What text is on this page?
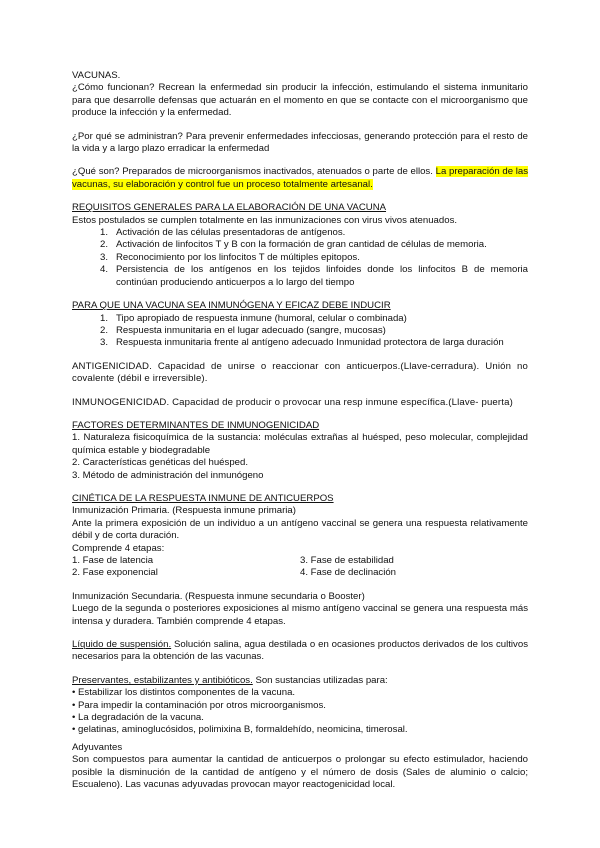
VACUNAS.

¿Cómo funcionan? Recrean la enfermedad sin producir la infección, estimulando el sistema inmunitario para que desarrolle defensas que actuarán en el momento en que se contacte con el microorganismo que produce la infección y la enfermedad.

¿Por qué se administran? Para prevenir enfermedades infecciosas, generando protección para el resto de la vida y a largo plazo erradicar la enfermedad

¿Qué son? Preparados de microorganismos inactivados, atenuados o parte de ellos. La preparación de las vacunas, su elaboración y control fue un proceso totalmente artesanal.

REQUISITOS GENERALES PARA LA ELABORACIÓN DE UNA VACUNA

Estos postulados se cumplen totalmente en las inmunizaciones con virus vivos atenuados.

1. Activación de las células presentadoras de antígenos.
2. Activación de linfocitos T y B con la formación de gran cantidad de células de memoria.
3. Reconocimiento por los linfocitos T de múltiples epitopos.
4. Persistencia de los antígenos en los tejidos linfoides donde los linfocitos B de memoria continúan produciendo anticuerpos a lo largo del tiempo

PARA QUE UNA VACUNA SEA INMUNÓGENA Y EFICAZ DEBE INDUCIR

1. Tipo apropiado de respuesta inmune (humoral, celular o combinada)
2. Respuesta inmunitaria en el lugar adecuado (sangre, mucosas)
3. Respuesta inmunitaria frente al antígeno adecuado Inmunidad protectora de larga duración

ANTIGENICIDAD. Capacidad de unirse o reaccionar con anticuerpos.(Llave-cerradura). Unión no covalente (débil e irreversible).

INMUNOGENICIDAD. Capacidad de producir o provocar una resp inmune específica.(Llave- puerta)

FACTORES DETERMINANTES DE INMUNOGENICIDAD

1. Naturaleza fisicoquímica de la sustancia: moléculas extrañas al huésped, peso molecular, complejidad química estable y biodegradable

2. Características genéticas del huésped.

3. Método de administración del inmunógeno

CINÉTICA DE LA RESPUESTA INMUNE DE ANTICUERPOS

Inmunización Primaria. (Respuesta inmune primaria)

Ante la primera exposición de un individuo a un antígeno vaccinal se genera una respuesta relativamente débil y de corta duración.

Comprende 4 etapas:

1. Fase de latencia	3. Fase de estabilidad
2. Fase exponencial	4. Fase de declinación

Inmunización Secundaria. (Respuesta inmune secundaria o Booster)

Luego de la segunda o posteriores exposiciones al mismo antígeno vaccinal se genera una respuesta más intensa y duradera. También comprende 4 etapas.

Líquido de suspensión. Solución salina, agua destilada o en ocasiones productos derivados de los cultivos necesarios para la obtención de las vacunas.

Preservantes, estabilizantes y antibióticos. Son sustancias utilizadas para:

• Estabilizar los distintos componentes de la vacuna.

• Para impedir la contaminación por otros microorganismos.

• La degradación de la vacuna.

• gelatinas, aminoglucósidos, polimixina B, formaldehído, neomicina, timerosal.

Adyuvantes

Son compuestos para aumentar la cantidad de anticuerpos o prolongar su efecto estimulador, haciendo posible la disminución de la cantidad de antígeno y el número de dosis (Sales de aluminio o calcio; Escualeno). Las vacunas adyuvadas provocan mayor reactogenicidad local.
